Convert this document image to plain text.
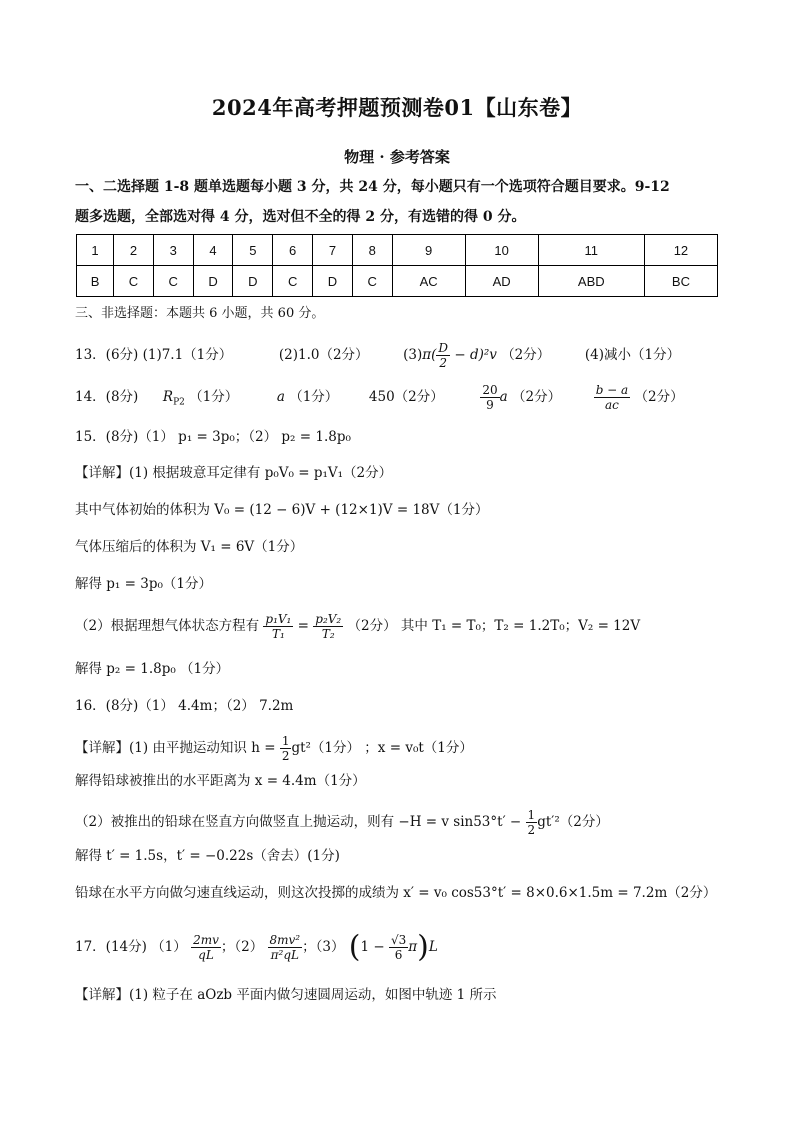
2024年高考押题预测卷01【山东卷】
物理 · 参考答案
一、二选择题 1-8 题单选题每小题 3 分，共 24 分，每小题只有一个选项符合题目要求。9-12
题多选题，全部选对得 4 分，选对但不全的得 2 分，有选错的得 0 分。
1	2	3	4	5	6	7	8	9	10	11	12
B	C	C	D	D	C	D	C	AC	AD	ABD	BC
三、非选择题：本题共 6 小题，共 60 分。
13．(6分) (1)7.1（1分）	(2)1.0（2分）	$(3)\pi( \frac{D}{2} - d)^2v$ （2分）	(4)减小（1分）
14．(8分) $R_{P2}$ （1分）	a （1分） 450（2分）	$\frac{20}{9}$ a （2分）	$\frac{b - a}{ac} (2$分）
15．(8分)（1） p₁ = 3p₀；（2） p₂ = 1.8p₀
【详解】(1) 根据玻意耳定律有 p₀V₀ = p₁V₁（2分）
其中气体初始的体积为 V₀ = (12 − 6)V + (12×1)V = 18V（1分）
气体压缩后的体积为 V₁ = 6V（1分）
解得 p₁ = 3p₀（1分）
（2）根据理想气体状态方程有 $\frac{\text{p₁V₁}}{\text{T₁}} = \frac{\text{p₂V₂}}{\text{T₂}} (2$分） 其中 T₁ = T₀；T₂ = 1.2T₀；V₂ = 12V
解得 p₂ = 1.8p₀ （1分）
16．(8分)（1） 4.4m；（2） 7.2m
【详解】(1) 由平抛运动知识 $h = \frac{1}{2} gt^2(1$分） ；x = v₀t（1分）
解得铅球被推出的水平距离为 x = 4.4m（1分）
（2）被推出的铅球在竖直方向做竖直上抛运动，则有 −H = v $\sin 53^\circ t' - \frac{1}{2} gt'^2(2$分）
解得 t′ = 1.5s，t′ = −0.22s（舍去）(1分)
铅球在水平方向做匀速直线运动，则这次投掷的成绩为 x′ = v₀ cos53°t′ = 8×0.6×1.5m = 7.2m（2分）
17．(14分) $(1) \frac{2mv}{qL}$ ；$(2) \frac{\text{8mv²}}{\text{π²qL}}$ ；（3） $(1 - \frac{√3}{6} \pi)L$
【详解】(1) 粒子在 aOzb 平面内做匀速圆周运动，如图中轨迹 1 所示
